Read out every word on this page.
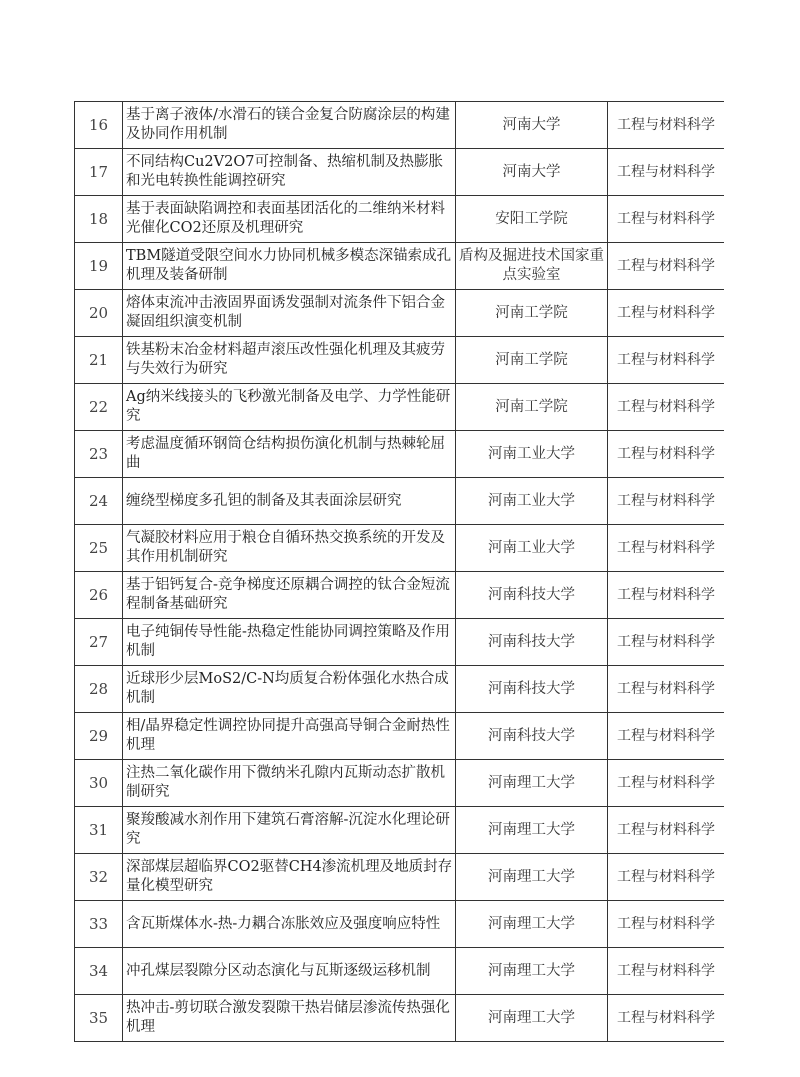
16	基于离子液体/水滑石的镁合金复合防腐涂层的构建及协同作用机制	河南大学	工程与材料科学
17	不同结构Cu2V2O7可控制备、热缩机制及热膨胀和光电转换性能调控研究	河南大学	工程与材料科学
18	基于表面缺陷调控和表面基团活化的二维纳米材料光催化CO2还原及机理研究	安阳工学院	工程与材料科学
19	TBM隧道受限空间水力协同机械多模态深锚索成孔机理及装备研制	盾构及掘进技术国家重点实验室	工程与材料科学
20	熔体束流冲击液固界面诱发强制对流条件下铝合金凝固组织演变机制	河南工学院	工程与材料科学
21	铁基粉末冶金材料超声滚压改性强化机理及其疲劳与失效行为研究	河南工学院	工程与材料科学
22	Ag纳米线接头的飞秒激光制备及电学、力学性能研究	河南工学院	工程与材料科学
23	考虑温度循环钢筒仓结构损伤演化机制与热棘轮屈曲	河南工业大学	工程与材料科学
24	缠绕型梯度多孔钽的制备及其表面涂层研究	河南工业大学	工程与材料科学
25	气凝胶材料应用于粮仓自循环热交换系统的开发及其作用机制研究	河南工业大学	工程与材料科学
26	基于铝钙复合-竞争梯度还原耦合调控的钛合金短流程制备基础研究	河南科技大学	工程与材料科学
27	电子纯铜传导性能-热稳定性能协同调控策略及作用机制	河南科技大学	工程与材料科学
28	近球形少层MoS2/C-N均质复合粉体强化水热合成机制	河南科技大学	工程与材料科学
29	相/晶界稳定性调控协同提升高强高导铜合金耐热性机理	河南科技大学	工程与材料科学
30	注热二氧化碳作用下微纳米孔隙内瓦斯动态扩散机制研究	河南理工大学	工程与材料科学
31	聚羧酸减水剂作用下建筑石膏溶解-沉淀水化理论研究	河南理工大学	工程与材料科学
32	深部煤层超临界CO2驱替CH4渗流机理及地质封存量化模型研究	河南理工大学	工程与材料科学
33	含瓦斯煤体水-热-力耦合冻胀效应及强度响应特性	河南理工大学	工程与材料科学
34	冲孔煤层裂隙分区动态演化与瓦斯逐级运移机制	河南理工大学	工程与材料科学
35	热冲击-剪切联合激发裂隙干热岩储层渗流传热强化机理	河南理工大学	工程与材料科学
